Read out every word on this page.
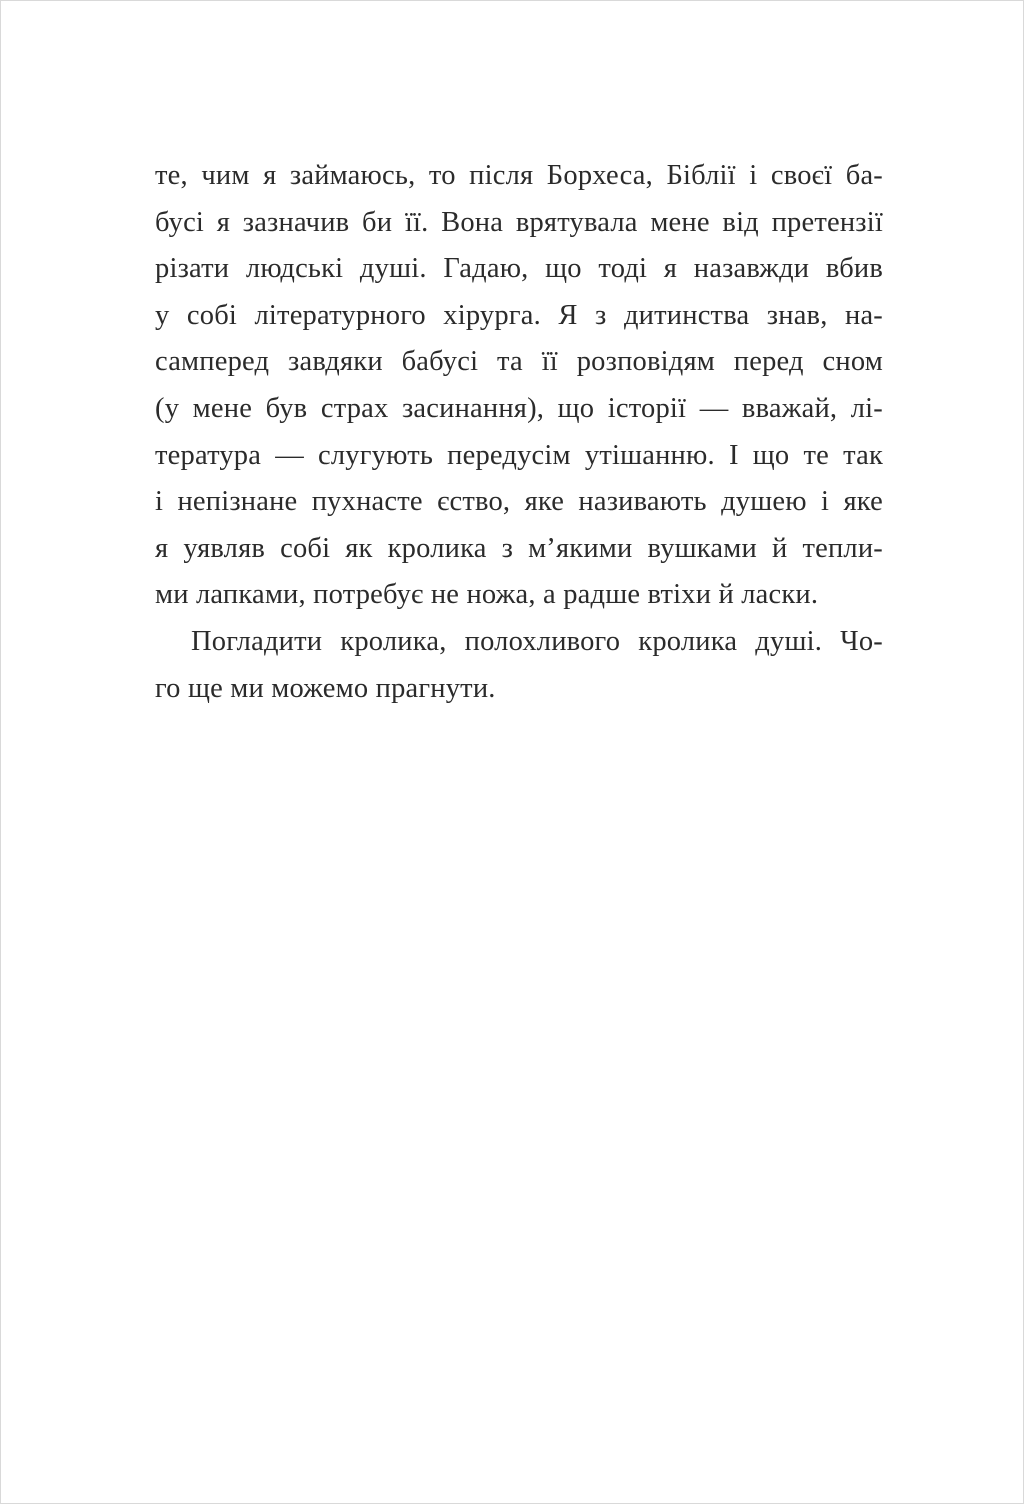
те, чим я займаюсь, то після Борхеса, Біблії і своєї ба-
бусі я зазначив би її. Вона врятувала мене від претензії
різати людські душі. Гадаю, що тоді я назавжди вбив
у собі літературного хірурга. Я з дитинства знав, на-
самперед завдяки бабусі та її розповідям перед сном
(у мене був страх засинання), що історії — вважай, лі-
тература — слугують передусім утішанню. І що те так
і непізнане пухнасте єство, яке називають душею і яке
я уявляв собі як кролика з м’якими вушками й тепли-
ми лапками, потребує не ножа, а радше втіхи й ласки.
Погладити кролика, полохливого кролика душі. Чо-
го ще ми можемо прагнути.
